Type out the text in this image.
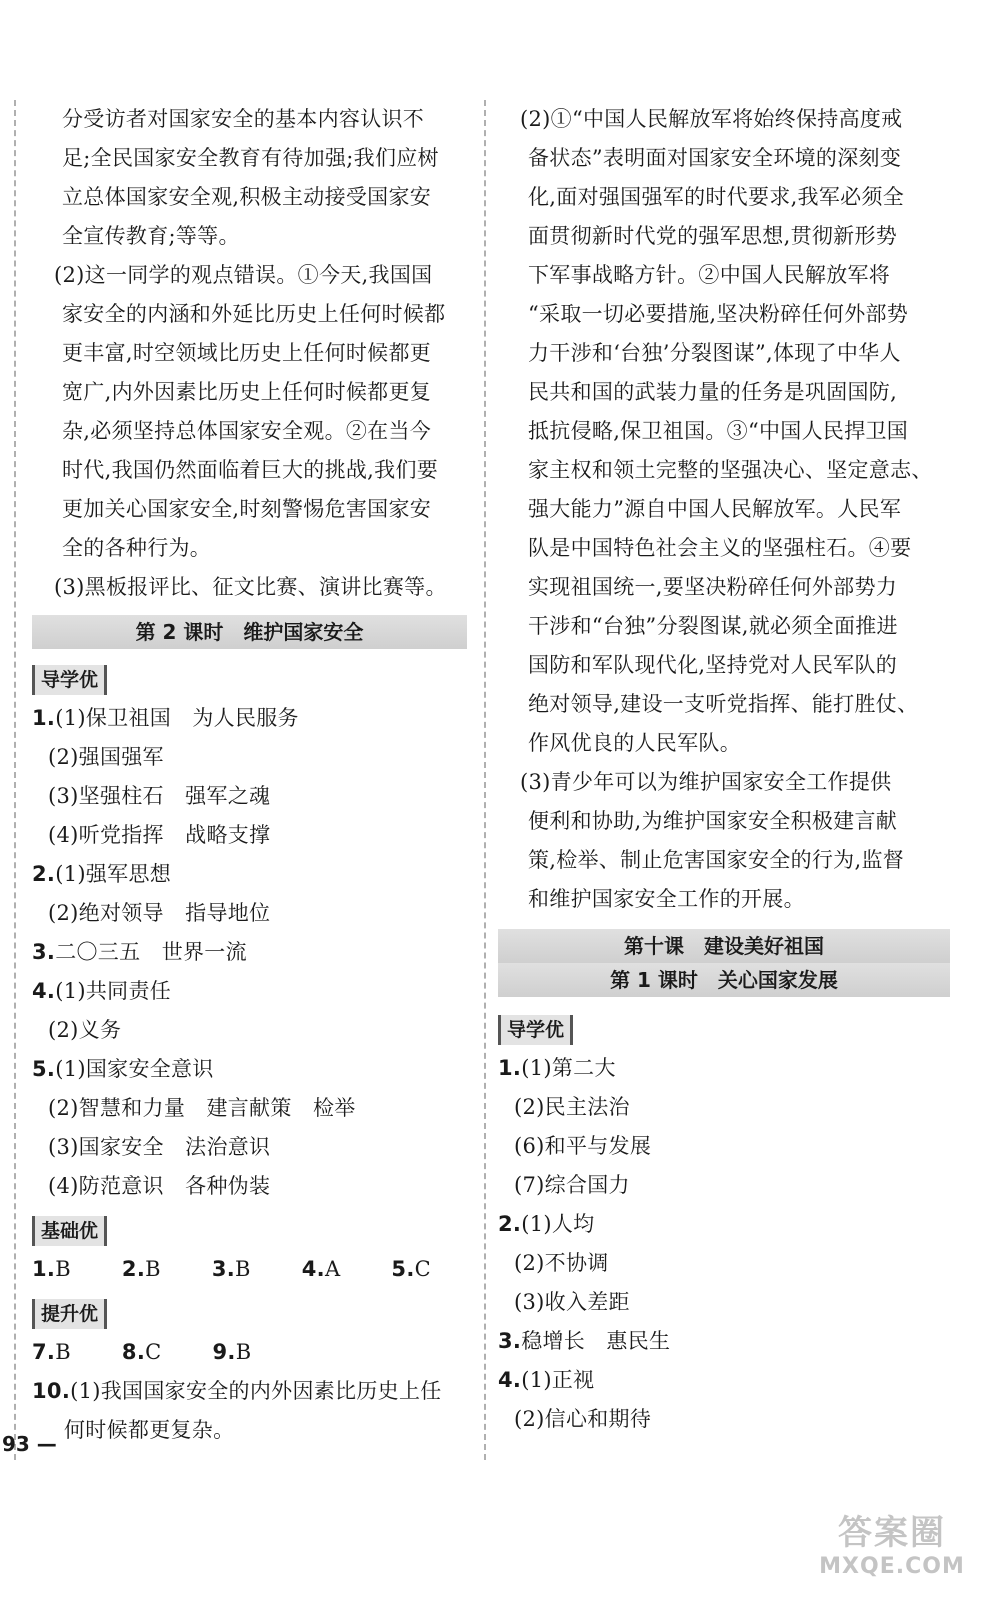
分受访者对国家安全的基本内容认识不

足;全民国家安全教育有待加强;我们应树

立总体国家安全观,积极主动接受国家安

全宣传教育;等等。

(2)这一同学的观点错误。①今天,我国国

家安全的内涵和外延比历史上任何时候都

更丰富,时空领域比历史上任何时候都更

宽广,内外因素比历史上任何时候都更复

杂,必须坚持总体国家安全观。②在当今

时代,我国仍然面临着巨大的挑战,我们要

更加关心国家安全,时刻警惕危害国家安

全的各种行为。

(3)黑板报评比、征文比赛、演讲比赛等。

第 2 课时　维护国家安全
导学优

1.(1)保卫祖国　为人民服务

(2)强国强军

(3)坚强柱石　强军之魂

(4)听党指挥　战略支撑

2.(1)强军思想

(2)绝对领导　指导地位

3.二〇三五　世界一流

4.(1)共同责任

(2)义务

5.(1)国家安全意识

(2)智慧和力量　建言献策　检举

(3)国家安全　法治意识

(4)防范意识　各种伪装

基础优

1.B 2.B 3.B 4.A 5.C

提升优

7.B 8.C 9.B

10.(1)我国国家安全的内外因素比历史上任

何时候都更复杂。

(2)①“中国人民解放军将始终保持高度戒

备状态”表明面对国家安全环境的深刻变

化,面对强国强军的时代要求,我军必须全

面贯彻新时代党的强军思想,贯彻新形势

下军事战略方针。②中国人民解放军将

“采取一切必要措施,坚决粉碎任何外部势

力干涉和‘台独’分裂图谋”,体现了中华人

民共和国的武装力量的任务是巩固国防,

抵抗侵略,保卫祖国。③“中国人民捍卫国

家主权和领土完整的坚强决心、坚定意志、

强大能力”源自中国人民解放军。人民军

队是中国特色社会主义的坚强柱石。④要

实现祖国统一,要坚决粉碎任何外部势力

干涉和“台独”分裂图谋,就必须全面推进

国防和军队现代化,坚持党对人民军队的

绝对领导,建设一支听党指挥、能打胜仗、

作风优良的人民军队。

(3)青少年可以为维护国家安全工作提供

便利和协助,为维护国家安全积极建言献

策,检举、制止危害国家安全的行为,监督

和维护国家安全工作的开展。

第十课　建设美好祖国
第 1 课时　关心国家发展
导学优

1.(1)第二大

(2)民主法治

(6)和平与发展

(7)综合国力

2.(1)人均

(2)不协调

(3)收入差距

3.稳增长　惠民生

4.(1)正视

(2)信心和期待

93 —
答案圈
MXQE.COM
